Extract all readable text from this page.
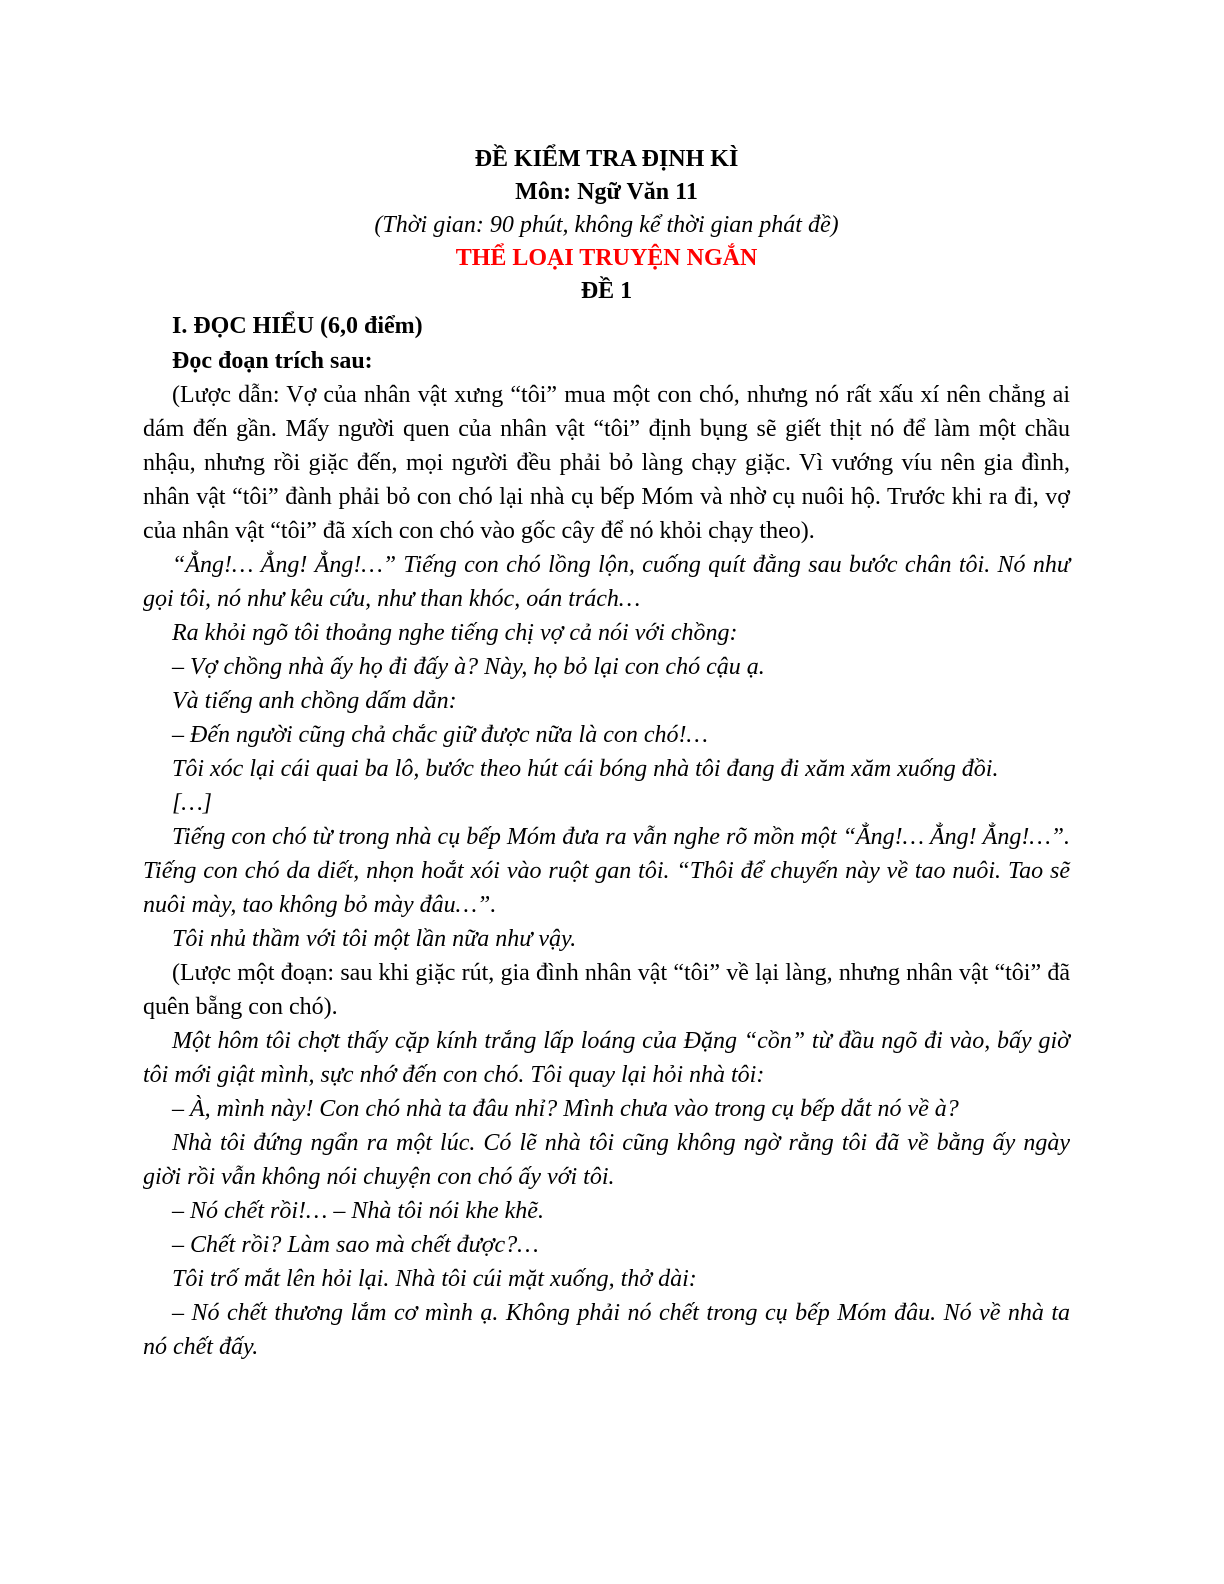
ĐỀ KIỂM TRA ĐỊNH KÌ
Môn: Ngữ Văn 11
(Thời gian: 90 phút, không kể thời gian phát đề)
THỂ LOẠI TRUYỆN NGẮN
ĐỀ 1
I. ĐỌC HIỂU (6,0 điểm)
Đọc đoạn trích sau:

(Lược dẫn: Vợ của nhân vật xưng “tôi” mua một con chó, nhưng nó rất xấu xí nên chẳng ai dám đến gần. Mấy người quen của nhân vật “tôi” định bụng sẽ giết thịt nó để làm một chầu nhậu, nhưng rồi giặc đến, mọi người đều phải bỏ làng chạy giặc. Vì vướng víu nên gia đình, nhân vật “tôi” đành phải bỏ con chó lại nhà cụ bếp Móm và nhờ cụ nuôi hộ. Trước khi ra đi, vợ của nhân vật “tôi” đã xích con chó vào gốc cây để nó khỏi chạy theo).

“Ẳng!… Ẳng! Ẳng!…” Tiếng con chó lồng lộn, cuống quít đằng sau bước chân tôi. Nó như gọi tôi, nó như kêu cứu, như than khóc, oán trách…

Ra khỏi ngõ tôi thoảng nghe tiếng chị vợ cả nói với chồng:

– Vợ chồng nhà ấy họ đi đấy à? Này, họ bỏ lại con chó cậu ạ.

Và tiếng anh chồng dấm dẳn:

– Đến người cũng chả chắc giữ được nữa là con chó!…

Tôi xóc lại cái quai ba lô, bước theo hút cái bóng nhà tôi đang đi xăm xăm xuống đồi.

[…]

Tiếng con chó từ trong nhà cụ bếp Móm đưa ra vẫn nghe rõ mồn một “Ẳng!… Ẳng! Ẳng!…”. Tiếng con chó da diết, nhọn hoắt xói vào ruột gan tôi. “Thôi để chuyến này về tao nuôi. Tao sẽ nuôi mày, tao không bỏ mày đâu…”.

Tôi nhủ thầm với tôi một lần nữa như vậy.

(Lược một đoạn: sau khi giặc rút, gia đình nhân vật “tôi” về lại làng, nhưng nhân vật “tôi” đã quên bẵng con chó).

Một hôm tôi chợt thấy cặp kính trắng lấp loáng của Đặng “cồn” từ đầu ngõ đi vào, bấy giờ tôi mới giật mình, sực nhớ đến con chó. Tôi quay lại hỏi nhà tôi:

– À, mình này! Con chó nhà ta đâu nhỉ? Mình chưa vào trong cụ bếp dắt nó về à?

Nhà tôi đứng ngẩn ra một lúc. Có lẽ nhà tôi cũng không ngờ rằng tôi đã về bằng ấy ngày giời rồi vẫn không nói chuyện con chó ấy với tôi.

– Nó chết rồi!… – Nhà tôi nói khe khẽ.

– Chết rồi? Làm sao mà chết được?…

Tôi trố mắt lên hỏi lại. Nhà tôi cúi mặt xuống, thở dài:

– Nó chết thương lắm cơ mình ạ. Không phải nó chết trong cụ bếp Móm đâu. Nó về nhà ta nó chết đấy.
